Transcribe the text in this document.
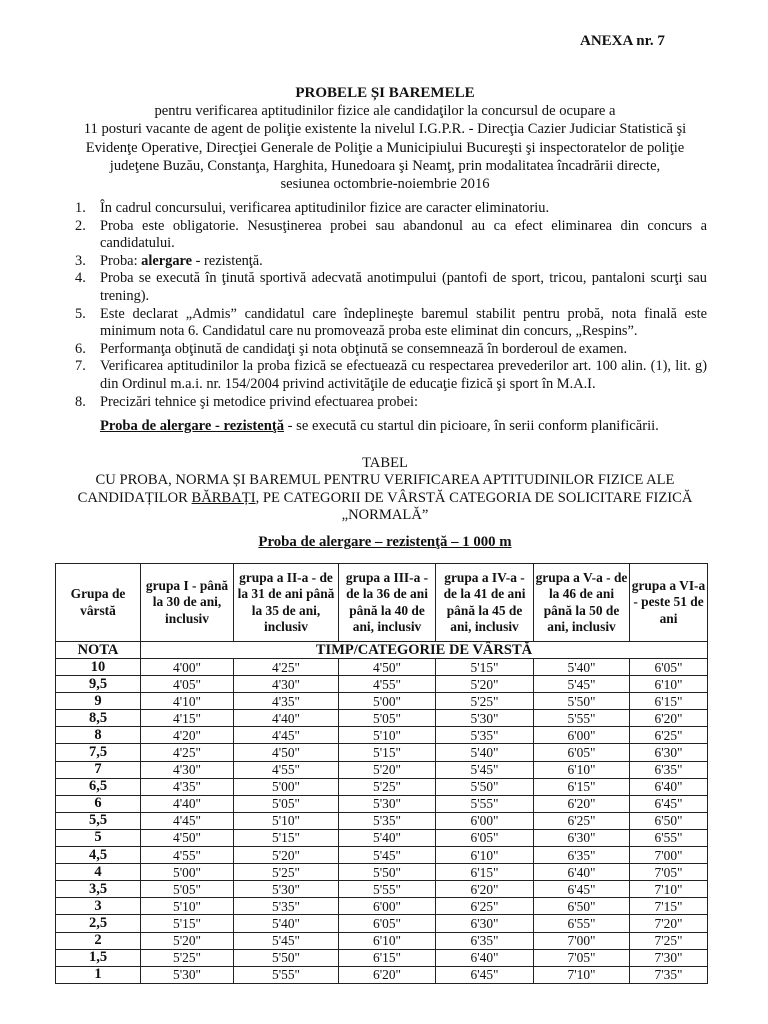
ANEXA nr. 7
PROBELE ȘI BAREMELE
pentru verificarea aptitudinilor fizice ale candidaţilor la concursul de ocupare a
11 posturi vacante de agent de poliţie existente la nivelul I.G.P.R. - Direcţia Cazier Judiciar Statistică şi
Evidenţe Operative, Direcţiei Generale de Poliţie a Municipiului Bucureşti şi inspectoratelor de poliţie
judeţene Buzău, Constanţa, Harghita, Hunedoara şi Neamţ, prin modalitatea încadrării directe,
sesiunea octombrie-noiembrie 2016
1. În cadrul concursului, verificarea aptitudinilor fizice are caracter eliminatoriu.
2. Proba este obligatorie. Nesusţinerea probei sau abandonul au ca efect eliminarea din concurs a candidatului.
3. Proba: alergare - rezistenţă.
4. Proba se execută în ţinută sportivă adecvată anotimpului (pantofi de sport, tricou, pantaloni scurţi sau trening).
5. Este declarat „Admis” candidatul care îndeplineşte baremul stabilit pentru probă, nota finală este minimum nota 6. Candidatul care nu promovează proba este eliminat din concurs, „Respins”.
6. Performanţa obţinută de candidaţi şi nota obţinută se consemnează în borderoul de examen.
7. Verificarea aptitudinilor la proba fizică se efectuează cu respectarea prevederilor art. 100 alin. (1), lit. g) din Ordinul m.a.i. nr. 154/2004 privind activităţile de educaţie fizică şi sport în M.A.I.
8. Precizări tehnice şi metodice privind efectuarea probei:
Proba de alergare - rezistenţă - se execută cu startul din picioare, în serii conform planificării.
TABEL
CU PROBA, NORMA ȘI BAREMUL PENTRU VERIFICAREA APTITUDINILOR FIZICE ALE
CANDIDAȚILOR BĂRBAȚI, PE CATEGORII DE VÂRSTĂ CATEGORIA DE SOLICITARE FIZICĂ
„NORMALĂ”
Proba de alergare – rezistenţă – 1 000 m
Grupa de vârstă	grupa I - până la 30 de ani, inclusiv	grupa a II-a - de la 31 de ani până la 35 de ani, inclusiv	grupa a III-a - de la 36 de ani până la 40 de ani, inclusiv	grupa a IV-a - de la 41 de ani până la 45 de ani, inclusiv	grupa a V-a - de la 46 de ani până la 50 de ani, inclusiv	grupa a VI-a - peste 51 de ani
NOTA	TIMP/CATEGORIE DE VÂRSTĂ					
10	4'00"	4'25"	4'50"	5'15"	5'40"	6'05"
9,5	4'05"	4'30"	4'55"	5'20"	5'45"	6'10"
9	4'10"	4'35"	5'00"	5'25"	5'50"	6'15"
8,5	4'15"	4'40"	5'05"	5'30"	5'55"	6'20"
8	4'20"	4'45"	5'10"	5'35"	6'00"	6'25"
7,5	4'25"	4'50"	5'15"	5'40"	6'05"	6'30"
7	4'30"	4'55"	5'20"	5'45"	6'10"	6'35"
6,5	4'35"	5'00"	5'25"	5'50"	6'15"	6'40"
6	4'40"	5'05"	5'30"	5'55"	6'20"	6'45"
5,5	4'45"	5'10"	5'35"	6'00"	6'25"	6'50"
5	4'50"	5'15"	5'40"	6'05"	6'30"	6'55"
4,5	4'55"	5'20"	5'45"	6'10"	6'35"	7'00"
4	5'00"	5'25"	5'50"	6'15"	6'40"	7'05"
3,5	5'05"	5'30"	5'55"	6'20"	6'45"	7'10"
3	5'10"	5'35"	6'00"	6'25"	6'50"	7'15"
2,5	5'15"	5'40"	6'05"	6'30"	6'55"	7'20"
2	5'20"	5'45"	6'10"	6'35"	7'00"	7'25"
1,5	5'25"	5'50"	6'15"	6'40"	7'05"	7'30"
1	5'30"	5'55"	6'20"	6'45"	7'10"	7'35"
